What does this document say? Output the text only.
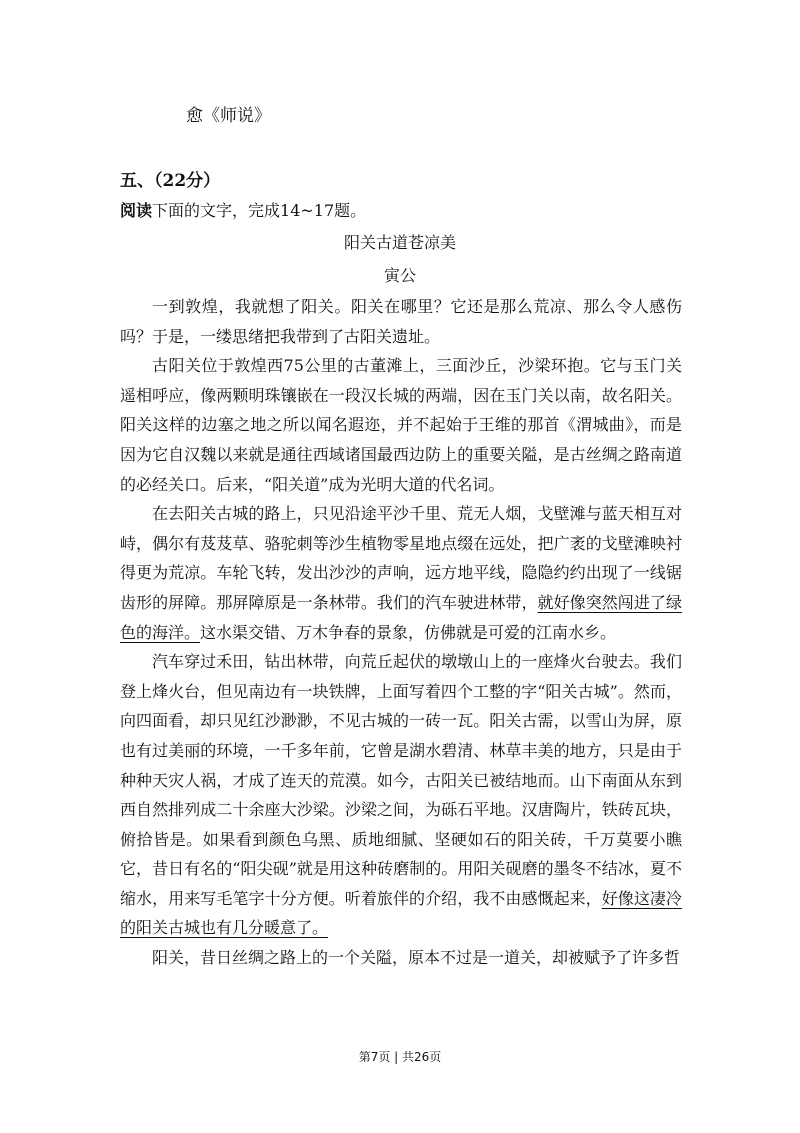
愈《师说》
五、（22分）
阅读下面的文字，完成14~17题。
阳关古道苍凉美
寅公

一到敦煌，我就想了阳关。阳关在哪里？它还是那么荒凉、那么令人感伤吗？于是，一缕思绪把我带到了古阳关遗址。

古阳关位于敦煌西75公里的古董滩上，三面沙丘，沙梁环抱。它与玉门关遥相呼应，像两颗明珠镶嵌在一段汉长城的两端，因在玉门关以南，故名阳关。阳关这样的边塞之地之所以闻名遐迩，并不起始于王维的那首《渭城曲》，而是因为它自汉魏以来就是通往西域诸国最西边防上的重要关隘，是古丝绸之路南道的必经关口。后来，“阳关道”成为光明大道的代名词。

在去阳关古城的路上，只见沿途平沙千里、荒无人烟，戈壁滩与蓝天相互对峙，偶尔有芨芨草、骆驼刺等沙生植物零星地点缀在远处，把广袤的戈壁滩映衬得更为荒凉。车轮飞转，发出沙沙的声响，远方地平线，隐隐约约出现了一线锯齿形的屏障。那屏障原是一条林带。我们的汽车驶进林带，就好像突然闯进了绿色的海洋。这水渠交错、万木争春的景象，仿佛就是可爱的江南水乡。

汽车穿过禾田，钻出林带，向荒丘起伏的墩墩山上的一座烽火台驶去。我们登上烽火台，但见南边有一块铁牌，上面写着四个工整的字“阳关古城”。然而，向四面看，却只见红沙渺渺，不见古城的一砖一瓦。阳关古需，以雪山为屏，原也有过美丽的环境，一千多年前，它曾是湖水碧清、林草丰美的地方，只是由于种种天灾人祸，才成了连天的荒漠。如今，古阳关已被结地而。山下南面从东到西自然排列成二十余座大沙梁。沙梁之间，为砾石平地。汉唐陶片，铁砖瓦块，俯拾皆是。如果看到颜色乌黑、质地细腻、坚硬如石的阳关砖，千万莫要小瞧它，昔日有名的“阳尖砚”就是用这种砖磨制的。用阳关砚磨的墨冬不结冰，夏不缩水，用来写毛笔字十分方便。听着旅伴的介绍，我不由感慨起来，好像这凄冷的阳关古城也有几分暖意了。

阳关，昔日丝绸之路上的一个关隘，原本不过是一道关，却被赋予了许多哲

第7页 | 共26页
